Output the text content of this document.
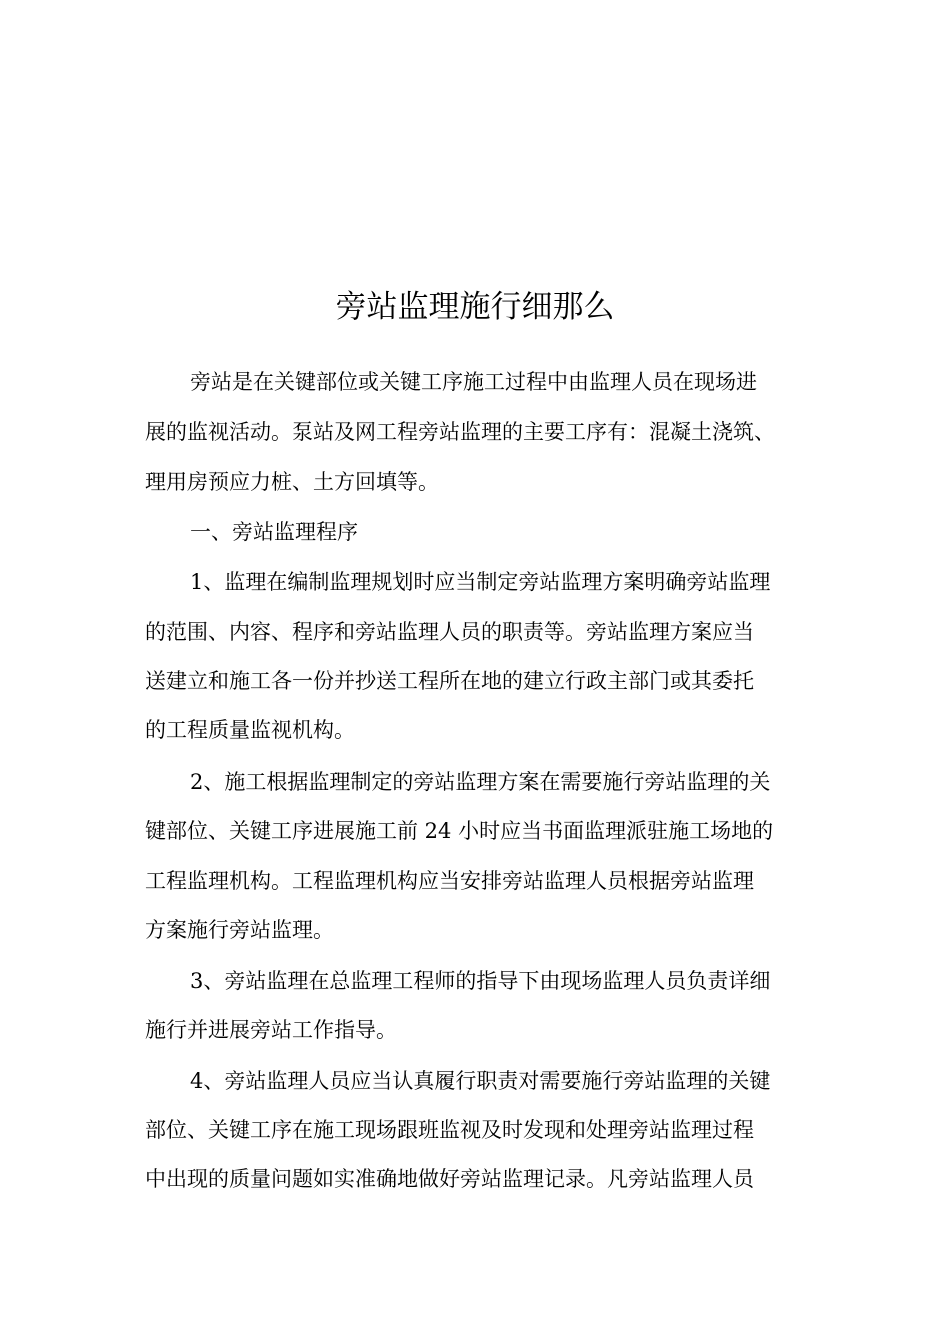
旁站监理施行细那么
旁站是在关键部位或关键工序施工过程中由监理人员在现场进
展的监视活动。泵站及网工程旁站监理的主要工序有：混凝土浇筑、
理用房预应力桩、土方回填等。
一、旁站监理程序
1、监理在编制监理规划时应当制定旁站监理方案明确旁站监理
的范围、内容、程序和旁站监理人员的职责等。旁站监理方案应当
送建立和施工各一份并抄送工程所在地的建立行政主部门或其委托
的工程质量监视机构。
2、施工根据监理制定的旁站监理方案在需要施行旁站监理的关
键部位、关键工序进展施工前 24 小时应当书面监理派驻施工场地的
工程监理机构。工程监理机构应当安排旁站监理人员根据旁站监理
方案施行旁站监理。
3、旁站监理在总监理工程师的指导下由现场监理人员负责详细
施行并进展旁站工作指导。
4、旁站监理人员应当认真履行职责对需要施行旁站监理的关键
部位、关键工序在施工现场跟班监视及时发现和处理旁站监理过程
中出现的质量问题如实准确地做好旁站监理记录。凡旁站监理人员
